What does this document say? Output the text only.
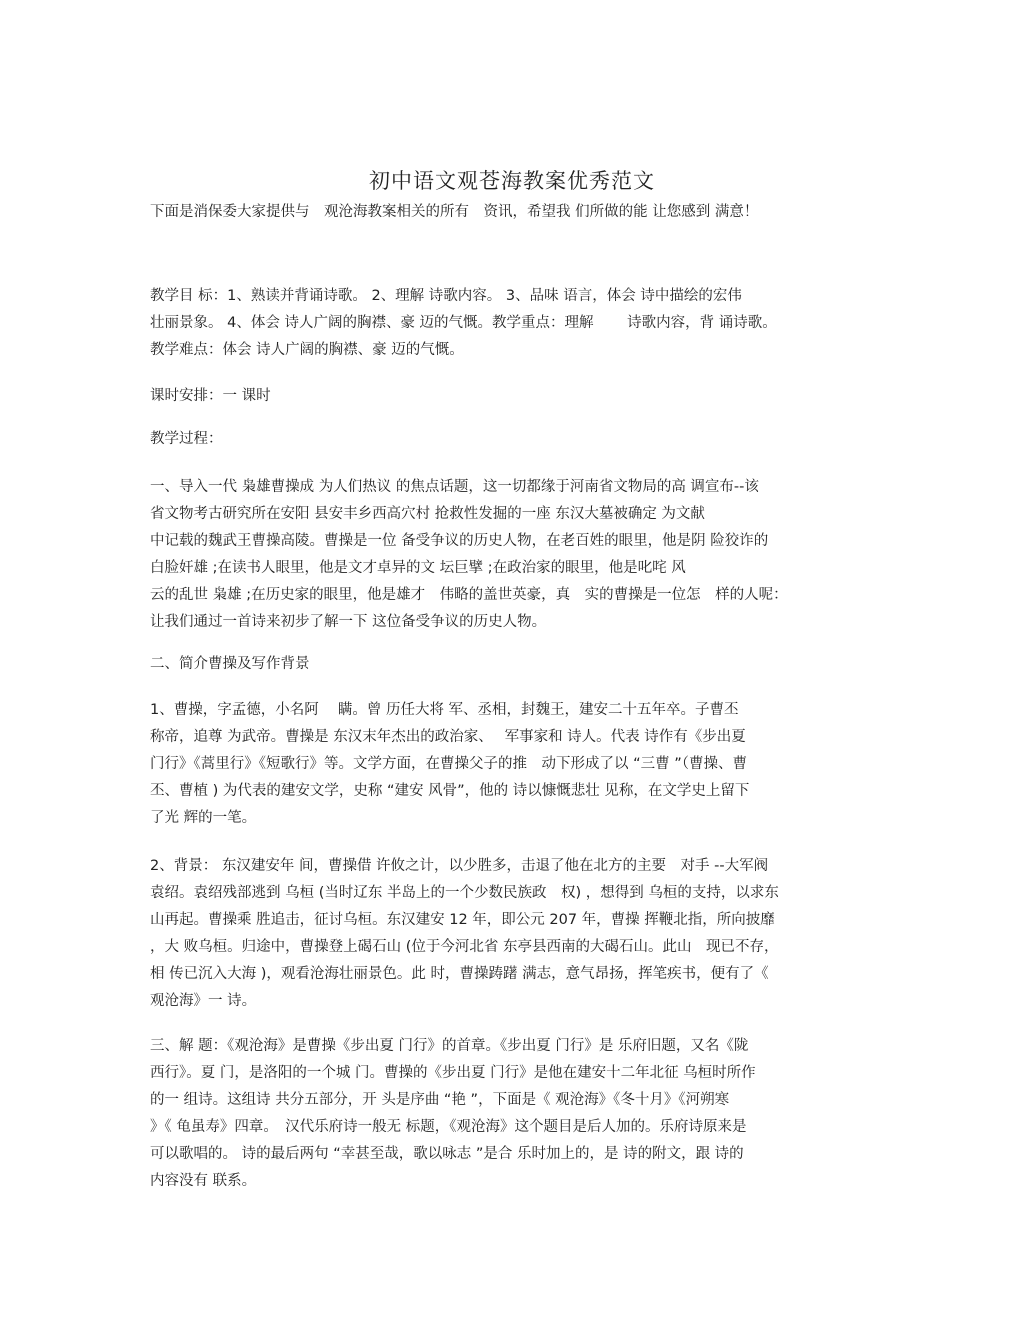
初中语文观苍海教案优秀范文
下面是消保委大家提供与　观沧海教案相关的所有　资讯，希望我 们所做的能 让您感到 满意！
教学目 标：1、熟读并背诵诗歌。 2、理解 诗歌内容。 3、品味 语言，体会 诗中描绘的宏伟
壮丽景象。 4、体会 诗人广阔的胸襟、豪 迈的气慨。教学重点：理解　　 诗歌内容，背 诵诗歌。
教学难点：体会 诗人广阔的胸襟、豪 迈的气慨。
课时安排：一 课时
教学过程：
一、导入一代 枭雄曹操成 为人们热议 的焦点话题，这一切都缘于河南省文物局的高 调宣布--该
省文物考古研究所在安阳 县安丰乡西高穴村 抢救性发掘的一座 东汉大墓被确定 为文献
中记载的魏武王曹操高陵。曹操是一位 备受争议的历史人物，在老百姓的眼里，他是阴 险狡诈的
白脸奸雄 ;在读书人眼里，他是文才卓异的文 坛巨擘 ;在政治家的眼里，他是叱咤 风
云的乱世 枭雄 ;在历史家的眼里，他是雄才　伟略的盖世英豪，真　实的曹操是一位怎　样的人呢：
让我们通过一首诗来初步了解一下 这位备受争议的历史人物。
二、简介曹操及写作背景
1、曹操，字孟德，小名阿　 瞒。曾 历任大将 军、丞相，封魏王，建安二十五年卒。子曹丕
称帝，追尊 为武帝。曹操是 东汉末年杰出的政治家、　 军事家和 诗人。代表 诗作有《步出夏
门行》《蒿里行》《短歌行》等。文学方面，在曹操父子的推　动下形成了以 “三曹 ”（曹操、曹
丕、曹植 ) 为代表的建安文学，史称 “建安 风骨”，他的 诗以慷慨悲壮 见称，在文学史上留下
了光 辉的一笔。
2、背景： 东汉建安年 间，曹操借 许攸之计，以少胜多，击退了他在北方的主要　对手 --大军阀
袁绍。袁绍残部逃到 乌桓 (当时辽东 半岛上的一个少数民族政　权) ，想得到 乌桓的支持，以求东
山再起。曹操乘 胜追击，征讨乌桓。东汉建安 12 年，即公元 207 年，曹操 挥鞭北指，所向披靡
，大 败乌桓。归途中，曹操登上碣石山 (位于今河北省 东亭县西南的大碣石山。此山　现已不存，
相 传已沉入大海 )，观看沧海壮丽景色。此 时，曹操踌躇 满志，意气昂扬，挥笔疾书，便有了《
观沧海》一 诗。
三、解 题：《观沧海》是曹操《步出夏 门行》的首章。《步出夏 门行》是 乐府旧题，又名《陇
西行》。夏 门，是洛阳的一个城 门。曹操的《步出夏 门行》是他在建安十二年北征 乌桓时所作
的一 组诗。这组诗 共分五部分，开 头是序曲 “艳 ”，下面是《 观沧海》《冬十月》《河朔寒
》《 龟虽寿》四章。　汉代乐府诗一般无 标题，《观沧海》这个题目是后人加的。乐府诗原来是
可以歌唱的。 诗的最后两句 “幸甚至哉，歌以咏志 ”是合 乐时加上的，是 诗的附文，跟 诗的
内容没有 联系。
